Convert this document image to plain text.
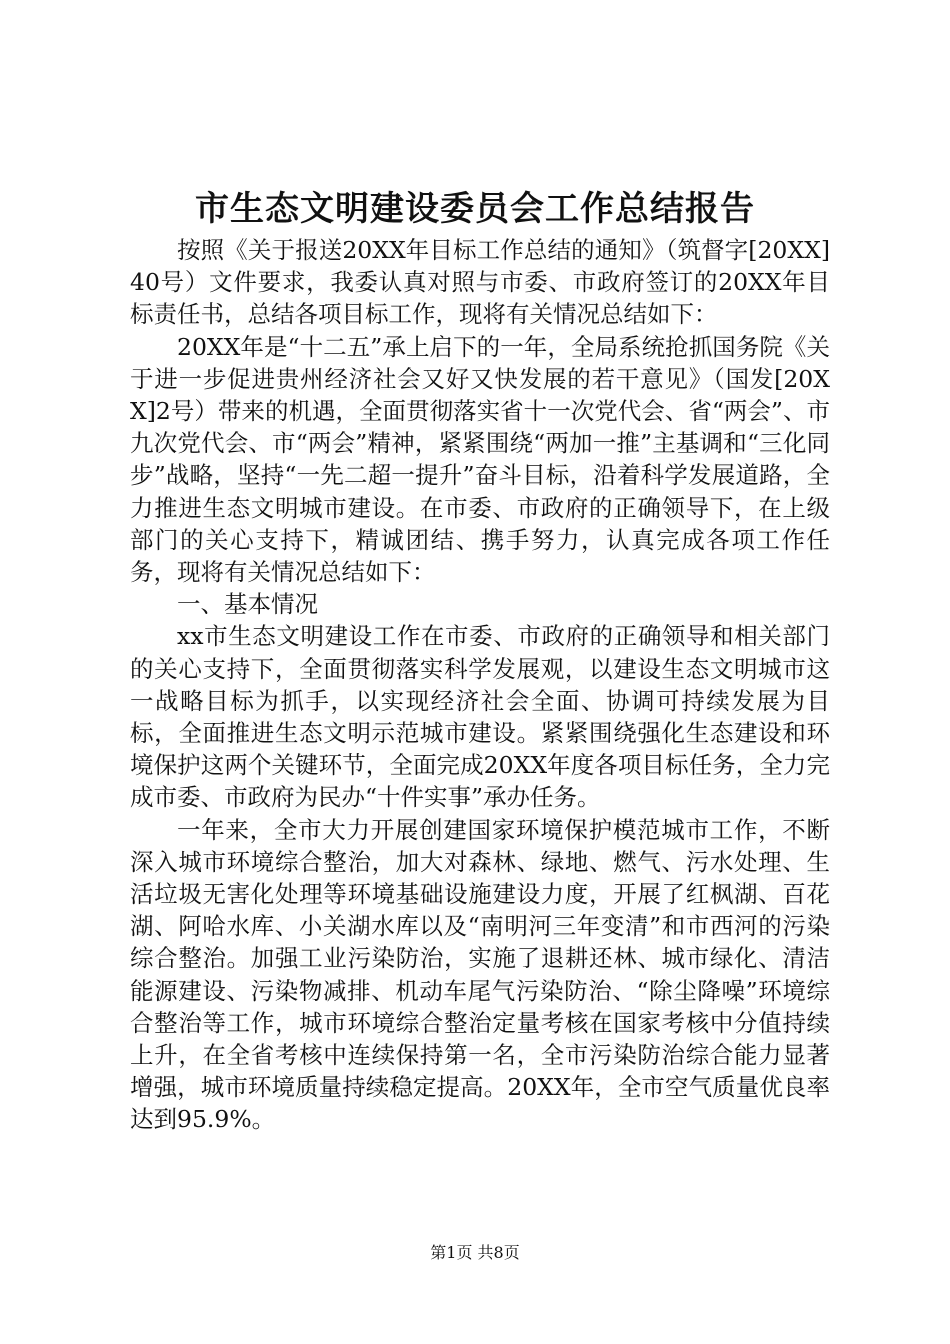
市生态文明建设委员会工作总结报告

按照《关于报送20XX年目标工作总结的通知》（筑督字[20XX]40号）文件要求，我委认真对照与市委、市政府签订的20XX年目标责任书，总结各项目标工作，现将有关情况总结如下：

20XX年是“十二五”承上启下的一年，全局系统抢抓国务院《关于进一步促进贵州经济社会又好又快发展的若干意见》（国发[20XX]2号）带来的机遇，全面贯彻落实省十一次党代会、省“两会”、市九次党代会、市“两会”精神，紧紧围绕“两加一推”主基调和“三化同步”战略，坚持“一先二超一提升”奋斗目标，沿着科学发展道路，全力推进生态文明城市建设。在市委、市政府的正确领导下，在上级部门的关心支持下，精诚团结、携手努力，认真完成各项工作任务，现将有关情况总结如下：

一、基本情况

xx市生态文明建设工作在市委、市政府的正确领导和相关部门的关心支持下，全面贯彻落实科学发展观，以建设生态文明城市这一战略目标为抓手，以实现经济社会全面、协调可持续发展为目标，全面推进生态文明示范城市建设。紧紧围绕强化生态建设和环境保护这两个关键环节，全面完成20XX年度各项目标任务，全力完成市委、市政府为民办“十件实事”承办任务。

一年来，全市大力开展创建国家环境保护模范城市工作，不断深入城市环境综合整治，加大对森林、绿地、燃气、污水处理、生活垃圾无害化处理等环境基础设施建设力度，开展了红枫湖、百花湖、阿哈水库、小关湖水库以及“南明河三年变清”和市西河的污染综合整治。加强工业污染防治，实施了退耕还林、城市绿化、清洁能源建设、污染物减排、机动车尾气污染防治、“除尘降噪”环境综合整治等工作，城市环境综合整治定量考核在国家考核中分值持续上升，在全省考核中连续保持第一名，全市污染防治综合能力显著增强，城市环境质量持续稳定提高。20XX年，全市空气质量优良率达到95.9%。

第1页 共8页
